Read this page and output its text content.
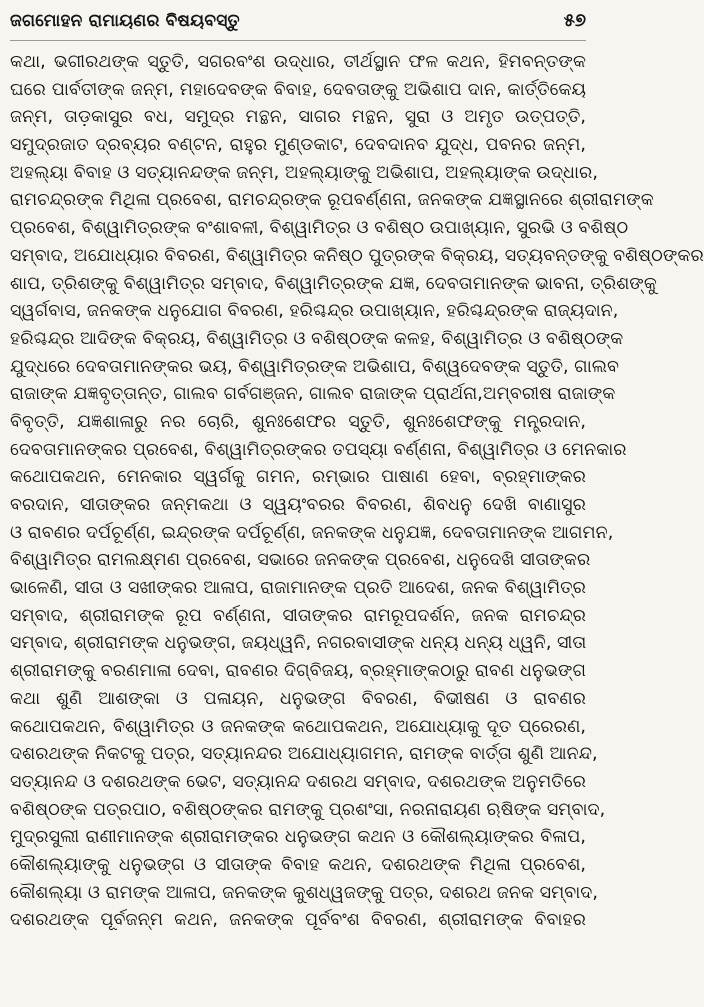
ଜଗମୋହନ ରାମାୟଣର ବିଷୟବସ୍ତୁ	୫୭
କଥା, ଭଗୀରଥଙ୍କ ସ୍ତୁତି, ସଗରବଂଶ ଉଦ୍ଧାର, ତୀର୍ଥସ୍ଥାନ ଫଳ କଥନ, ହିମବନ୍ତଙ୍କ
ଘରେ ପାର୍ବତୀଙ୍କ ଜନ୍ମ, ମହାଦେବଙ୍କ ବିବାହ, ଦେବତାଙ୍କୁ ଅଭିଶାପ ଦାନ, କାର୍ତ୍ତିକେୟ
ଜନ୍ମ, ତାଡ଼କାସୁର ବଧ, ସମୁଦ୍ର ମନ୍ଥନ, ସାଗର ମନ୍ଥନ, ସୁରା ଓ ଅମୃତ ଉତ୍ପତ୍ତି,
ସମୁଦ୍ରଜାତ ଦ୍ରବ୍ୟର ବଣ୍ଟନ, ରାହୁର ମୁଣ୍ଡକାଟ, ଦେବଦାନବ ଯୁଦ୍ଧ, ପବନର ଜନ୍ମ,
ଅହଲ୍ୟା ବିବାହ ଓ ସତ୍ୟାନନ୍ଦଙ୍କ ଜନ୍ମ, ଅହଲ୍ୟାଙ୍କୁ ଅଭିଶାପ, ଅହଲ୍ୟାଙ୍କ ଉଦ୍ଧାର,
ରାମଚନ୍ଦ୍ରଙ୍କ ମିଥିଳା ପ୍ରବେଶ, ରାମଚନ୍ଦ୍ରଙ୍କ ରୂପବର୍ଣ୍ଣନା, ଜନକଙ୍କ ଯଜ୍ଞସ୍ଥାନରେ ଶ୍ରୀରାମଙ୍କ
ପ୍ରବେଶ, ବିଶ୍ୱାମିତ୍ରଙ୍କ ବଂଶାବଳୀ, ବିଶ୍ୱାମିତ୍ର ଓ ବଶିଷ୍ଠ ଉପାଖ୍ୟାନ, ସୁରଭି ଓ ବଶିଷ୍ଠ
ସମ୍ବାଦ, ଅଯୋଧ୍ୟାର ବିବରଣ, ବିଶ୍ୱାମିତ୍ର କନିଷ୍ଠ ପୁତ୍ରଙ୍କ ବିକ୍ରୟ, ସତ୍ୟବନ୍ତଙ୍କୁ ବଶିଷ୍ଠଙ୍କର
ଶାପ, ତ୍ରିଶଙ୍କୁ ବିଶ୍ୱାମିତ୍ର ସମ୍ବାଦ, ବିଶ୍ୱାମିତ୍ରଙ୍କ ଯଜ୍ଞ, ଦେବତାମାନଙ୍କ ଭାବନା, ତ୍ରିଶଙ୍କୁ
ସ୍ୱର୍ଗବାସ, ଜନକଙ୍କ ଧନୁଯୋଗ ବିବରଣ, ହରିଶ୍ଚନ୍ଦ୍ର ଉପାଖ୍ୟାନ, ହରିଶ୍ଚନ୍ଦ୍ରଙ୍କ ରାଜ୍ୟଦାନ,
ହରିଶ୍ଚନ୍ଦ୍ର ଆଦିଙ୍କ ବିକ୍ରୟ, ବିଶ୍ୱାମିତ୍ର ଓ ବଶିଷ୍ଠଙ୍କ କଳହ, ବିଶ୍ୱାମିତ୍ର ଓ ବଶିଷ୍ଠଙ୍କ
ଯୁଦ୍ଧରେ ଦେବତାମାନଙ୍କର ଭୟ, ବିଶ୍ୱାମିତ୍ରଙ୍କ ଅଭିଶାପ, ବିଶ୍ୱଦେବଙ୍କ ସ୍ତୁତି, ଗାଲବ
ରାଜାଙ୍କ ଯଜ୍ଞବୃତ୍ତାନ୍ତ, ଗାଲବ ଗର୍ବଗଞ୍ଜନ, ଗାଲବ ରାଜାଙ୍କ ପ୍ରାର୍ଥନା,ଅମ୍ବରୀଷ ରାଜାଙ୍କ
ବିବୃତ୍ତି, ଯଜ୍ଞଶାଳାରୁ ନର ଚୋରି, ଶୁନଃଶେଫର ସ୍ତୁତି, ଶୁନଃଶେଫଙ୍କୁ ମନ୍ତ୍ରଦାନ,
ଦେବତାମାନଙ୍କର ପ୍ରବେଶ, ବିଶ୍ୱାମିତ୍ରଙ୍କର ତପସ୍ୟା ବର୍ଣ୍ଣନା, ବିଶ୍ୱାମିତ୍ର ଓ ମେନକାର
କଥୋପକଥନ, ମେନକାର ସ୍ୱର୍ଗକୁ ଗମନ, ରମ୍ଭାର ପାଷାଣ ହେବା, ବ୍ରହ୍ମାଙ୍କର
ବରଦାନ, ସୀତାଙ୍କର ଜନ୍ମକଥା ଓ ସ୍ୱୟଂବରର ବିବରଣ, ଶିବଧନୁ ଦେଖି ବାଣାସୁର
ଓ ରାବଣର ଦର୍ପଚୂର୍ଣ୍ଣ, ଇନ୍ଦ୍ରଙ୍କ ଦର୍ପଚୂର୍ଣ୍ଣ, ଜନକଙ୍କ ଧନୁଯଜ୍ଞ, ଦେବତାମାନଙ୍କ ଆଗମନ,
ବିଶ୍ୱାମିତ୍ର ରାମଲକ୍ଷ୍ମଣ ପ୍ରବେଶ, ସଭାରେ ଜନକଙ୍କ ପ୍ରବେଶ, ଧନୁଦେଖି ସୀତାଙ୍କର
ଭାଳେଣି, ସୀତା ଓ ସଖୀଙ୍କର ଆଳାପ, ରାଜାମାନଙ୍କ ପ୍ରତି ଆଦେଶ, ଜନକ ବିଶ୍ୱାମିତ୍ର
ସମ୍ବାଦ, ଶ୍ରୀରାମଙ୍କ ରୂପ ବର୍ଣ୍ଣନା, ସୀତାଙ୍କର ରାମରୂପଦର୍ଶନ, ଜନକ ରାମଚନ୍ଦ୍ର
ସମ୍ବାଦ, ଶ୍ରୀରାମଙ୍କ ଧନୁଭଙ୍ଗ, ଜୟଧ୍ୱନି, ନଗରବାସୀଙ୍କ ଧନ୍ୟ ଧନ୍ୟ ଧ୍ୱନି, ସୀତା
ଶ୍ରୀରାମଙ୍କୁ ବରଣମାଳା ଦେବା, ରାବଣର ଦିଗ୍‌ବିଜୟ, ବ୍ରହ୍ମାଙ୍କଠାରୁ ରାବଣ ଧନୁଭଙ୍ଗ
କଥା ଶୁଣି ଆଶଙ୍କା ଓ ପଳାୟନ, ଧନୁଭଙ୍ଗ ବିବରଣ, ବିଭୀଷଣ ଓ ରାବଣର
କଥୋପକଥନ, ବିଶ୍ୱାମିତ୍ର ଓ ଜନକଙ୍କ କଥୋପକଥନ, ଅଯୋଧ୍ୟାକୁ ଦୂତ ପ୍ରେରଣ,
ଦଶରଥଙ୍କ ନିକଟକୁ ପତ୍ର, ସତ୍ୟାନନ୍ଦର ଅଯୋଧ୍ୟାଗମନ, ରାମଙ୍କ ବାର୍ତ୍ତା ଶୁଣି ଆନନ୍ଦ,
ସତ୍ୟାନନ୍ଦ ଓ ଦଶରଥଙ୍କ ଭେଟ, ସତ୍ୟାନନ୍ଦ ଦଶରଥ ସମ୍ବାଦ, ଦଶରଥଙ୍କ ଅନୁମତିରେ
ବଶିଷ୍ଠଙ୍କ ପତ୍ରପାଠ, ବଶିଷ୍ଠଙ୍କର ରାମଙ୍କୁ ପ୍ରଶଂସା, ନରନାରାୟଣ ଋଷିଙ୍କ ସମ୍ବାଦ,
ମୁଦ୍ରସୁଲୀ ରାଣୀମାନଙ୍କ ଶ୍ରୀରାମଙ୍କର ଧନୁଭଙ୍ଗ କଥନ ଓ କୌଶଲ୍ୟାଙ୍କର ବିଳାପ,
କୌଶଲ୍ୟାଙ୍କୁ ଧନୁଭଙ୍ଗ ଓ ସୀତାଙ୍କ ବିବାହ କଥନ, ଦଶରଥଙ୍କ ମିଥିଳା ପ୍ରବେଶ,
କୌଶଲ୍ୟା ଓ ରାମଙ୍କ ଆଳାପ, ଜନକଙ୍କ କୁଶଧ୍ୱଜଙ୍କୁ ପତ୍ର, ଦଶରଥ ଜନକ ସମ୍ବାଦ,
ଦଶରଥଙ୍କ ପୂର୍ବଜନ୍ମ କଥନ, ଜନକଙ୍କ ପୂର୍ବବଂଶ ବିବରଣ, ଶ୍ରୀରାମଙ୍କ ବିବାହର
